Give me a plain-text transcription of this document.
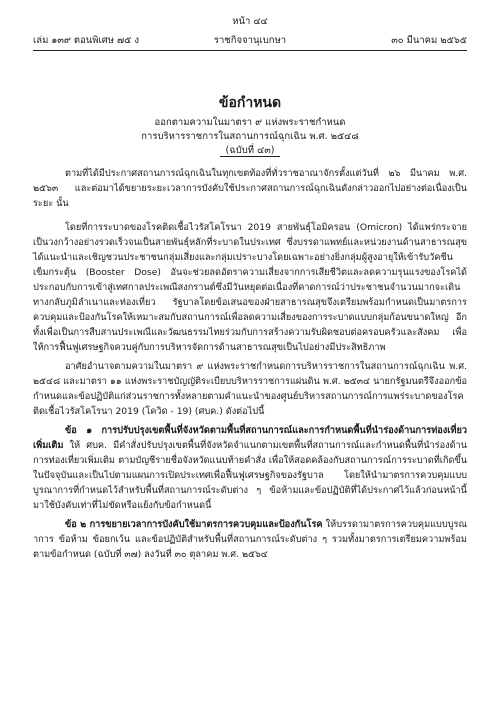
หน้า ๔๔
เล่ม ๑๓๙ ตอนพิเศษ ๗๕ ง	ราชกิจจานุเบกษา	๓๐ มีนาคม ๒๕๖๕
ข้อกำหนด
ออกตามความในมาตรา ๙ แห่งพระราชกำหนด
การบริหารราชการในสถานการณ์ฉุกเฉิน พ.ศ. ๒๕๔๘
(ฉบับที่ ๔๓)

ตามที่ได้มีประกาศสถานการณ์ฉุกเฉินในทุกเขตท้องที่ทั่วราชอาณาจักรตั้งแต่วันที่ ๒๖ มีนาคม พ.ศ. ๒๕๖๓ และต่อมาได้ขยายระยะเวลาการบังคับใช้ประกาศสถานการณ์ฉุกเฉินดังกล่าวออกไปอย่างต่อเนื่องเป็นระยะ นั้น

โดยที่การระบาดของโรคติดเชื้อไวรัสโคโรนา 2019 สายพันธุ์โอมิครอน (Omicron) ได้แพร่กระจายเป็นวงกว้างอย่างรวดเร็วจนเป็นสายพันธุ์หลักที่ระบาดในประเทศ ซึ่งบรรดาแพทย์และหน่วยงานด้านสาธารณสุขได้แนะนำและเชิญชวนประชาชนกลุ่มเสี่ยงและกลุ่มเปราะบางโดยเฉพาะอย่างยิ่งกลุ่มผู้สูงอายุให้เข้ารับวัคซีนเข็มกระตุ้น (Booster Dose) อันจะช่วยลดอัตราความเสี่ยงจากการเสียชีวิตและลดความรุนแรงของโรคได้ ประกอบกับการเข้าสู่เทศกาลประเพณีสงกรานต์ซึ่งมีวันหยุดต่อเนื่องที่คาดการณ์ว่าประชาชนจำนวนมากจะเดินทางกลับภูมิลำเนาและท่องเที่ยว รัฐบาลโดยข้อเสนอของฝ่ายสาธารณสุขจึงเตรียมพร้อมกำหนดเป็นมาตรการควบคุมและป้องกันโรคให้เหมาะสมกับสถานการณ์เพื่อลดความเสี่ยงของการระบาดแบบกลุ่มก้อนขนาดใหญ่ อีกทั้งเพื่อเป็นการสืบสานประเพณีและวัฒนธรรมไทยร่วมกับการสร้างความรับผิดชอบต่อครอบครัวและสังคม เพื่อให้การฟื้นฟูเศรษฐกิจควบคู่กับการบริหารจัดการด้านสาธารณสุขเป็นไปอย่างมีประสิทธิภาพ

อาศัยอำนาจตามความในมาตรา ๙ แห่งพระราชกำหนดการบริหารราชการในสถานการณ์ฉุกเฉิน พ.ศ. ๒๕๔๘ และมาตรา ๑๑ แห่งพระราชบัญญัติระเบียบบริหารราชการแผ่นดิน พ.ศ. ๒๕๓๔ นายกรัฐมนตรีจึงออกข้อกำหนดและข้อปฏิบัติแก่ส่วนราชการทั้งหลายตามคำแนะนำของศูนย์บริหารสถานการณ์การแพร่ระบาดของโรคติดเชื้อไวรัสโคโรนา 2019 (โควิด - 19) (ศบค.) ดังต่อไปนี้

ข้อ ๑ การปรับปรุงเขตพื้นที่จังหวัดตามพื้นที่สถานการณ์และการกำหนดพื้นที่นำร่องด้านการท่องเที่ยวเพิ่มเติม ให้ ศบค. มีคำสั่งปรับปรุงเขตพื้นที่จังหวัดจำแนกตามเขตพื้นที่สถานการณ์และกำหนดพื้นที่นำร่องด้านการท่องเที่ยวเพิ่มเติม ตามบัญชีรายชื่อจังหวัดแนบท้ายคำสั่ง เพื่อให้สอดคล้องกับสถานการณ์การระบาดที่เกิดขึ้นในปัจจุบันและเป็นไปตามแผนการเปิดประเทศเพื่อฟื้นฟูเศรษฐกิจของรัฐบาล โดยให้นำมาตรการควบคุมแบบบูรณาการที่กำหนดไว้สำหรับพื้นที่สถานการณ์ระดับต่าง ๆ ข้อห้ามและข้อปฏิบัติที่ได้ประกาศไว้แล้วก่อนหน้านี้มาใช้บังคับเท่าที่ไม่ขัดหรือแย้งกับข้อกำหนดนี้

ข้อ ๒ การขยายเวลาการบังคับใช้มาตรการควบคุมและป้องกันโรค ให้บรรดามาตรการควบคุมแบบบูรณาการ ข้อห้าม ข้อยกเว้น และข้อปฏิบัติสำหรับพื้นที่สถานการณ์ระดับต่าง ๆ รวมทั้งมาตรการเตรียมความพร้อมตามข้อกำหนด (ฉบับที่ ๓๗) ลงวันที่ ๓๐ ตุลาคม พ.ศ. ๒๕๖๔
